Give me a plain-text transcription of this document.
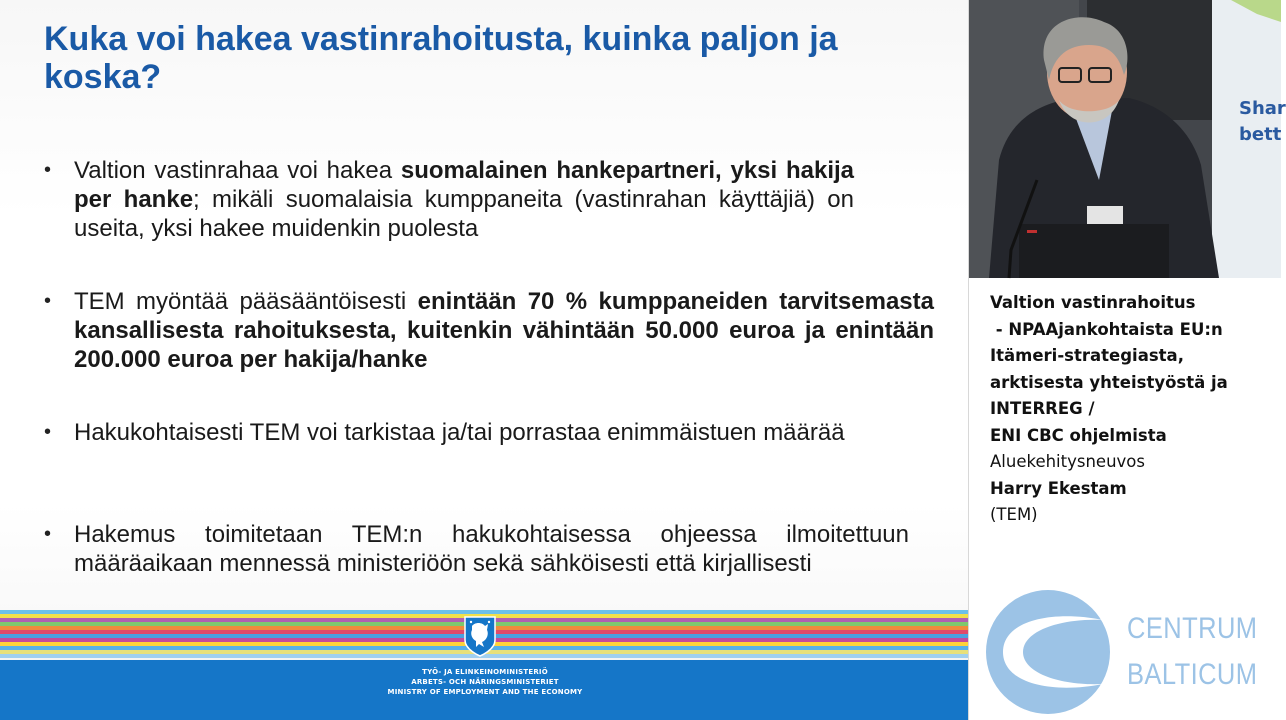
Kuka voi hakea vastinrahoitusta, kuinka paljon ja koska?
• Valtion vastinrahaa voi hakea suomalainen hankepartneri, yksi hakija per hanke; mikäli suomalaisia kumppaneita (vastinrahan käyttäjiä) on useita, yksi hakee muidenkin puolesta
• TEM myöntää pääsääntöisesti enintään 70 % kumppaneiden tarvitsemasta kansallisesta rahoituksesta, kuitenkin vähintään 50.000 euroa ja enintään 200.000 euroa per hakija/hanke
• Hakukohtaisesti TEM voi tarkistaa ja/tai porrastaa enimmäistuen määrää
• Hakemus toimitetaan TEM:n hakukohtaisessa ohjeessa ilmoitettuun määräaikaan mennessä ministeriöön sekä sähköisesti että kirjallisesti
TYÖ- JA ELINKEINOMINISTERIÖ
ARBETS- OCH NÄRINGSMINISTERIET
MINISTRY OF EMPLOYMENT AND THE ECONOMY
Shar
bett
Valtion vastinrahoitus
- NPAAjankohtaista EU:n
Itämeri-strategiasta,
arktisesta yhteistyöstä ja
INTERREG /
ENI CBC ohjelmista
Aluekehitysneuvos
Harry Ekestam
(TEM)
CENTRUM
BALTICUM
